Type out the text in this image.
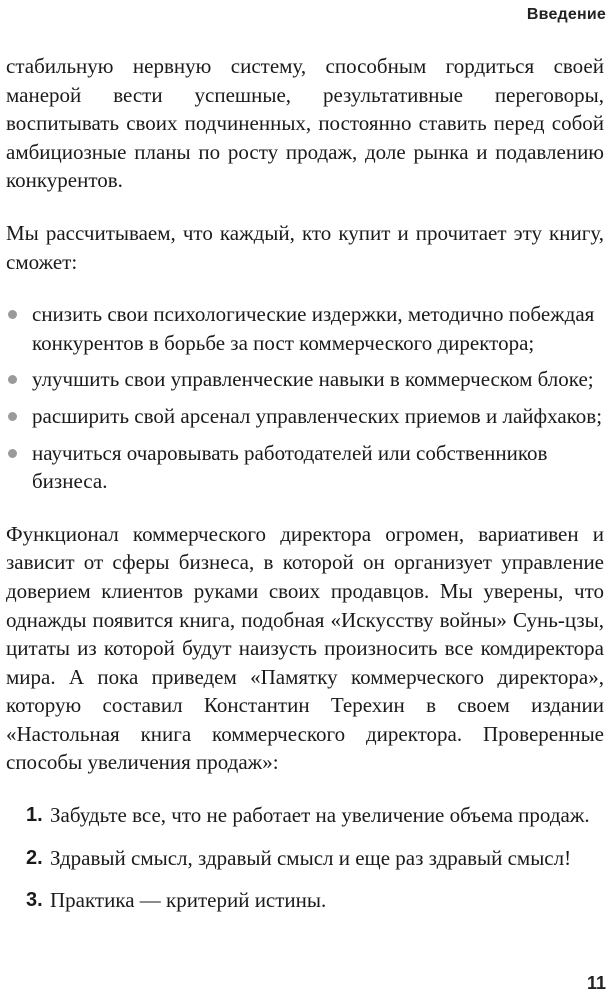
Введение

стабильную нервную систему, способным гордиться своей манерой вести успешные, результативные переговоры, воспитывать своих подчиненных, постоянно ставить перед собой амбициозные планы по росту продаж, доле рынка и подавлению конкурентов.

Мы рассчитываем, что каждый, кто купит и прочитает эту книгу, сможет:

снизить свои психологические издержки, методично побеждая конкурентов в борьбе за пост коммерческого директора;
улучшить свои управленческие навыки в коммерческом блоке;
расширить свой арсенал управленческих приемов и лайфхаков;
научиться очаровывать работодателей или собственников бизнеса.

Функционал коммерческого директора огромен, вариативен и зависит от сферы бизнеса, в которой он организует управление доверием клиентов руками своих продавцов. Мы уверены, что однажды появится книга, подобная «Искусству войны» Сунь-цзы, цитаты из которой будут наизусть произносить все комдиректора мира. А пока приведем «Памятку коммерческого директора», которую составил Константин Терехин в своем издании «Настольная книга коммерческого директора. Проверенные способы увеличения продаж»:

1. Забудьте все, что не работает на увеличение объема продаж.
2. Здравый смысл, здравый смысл и еще раз здравый смысл!
3. Практика — критерий истины.
11
